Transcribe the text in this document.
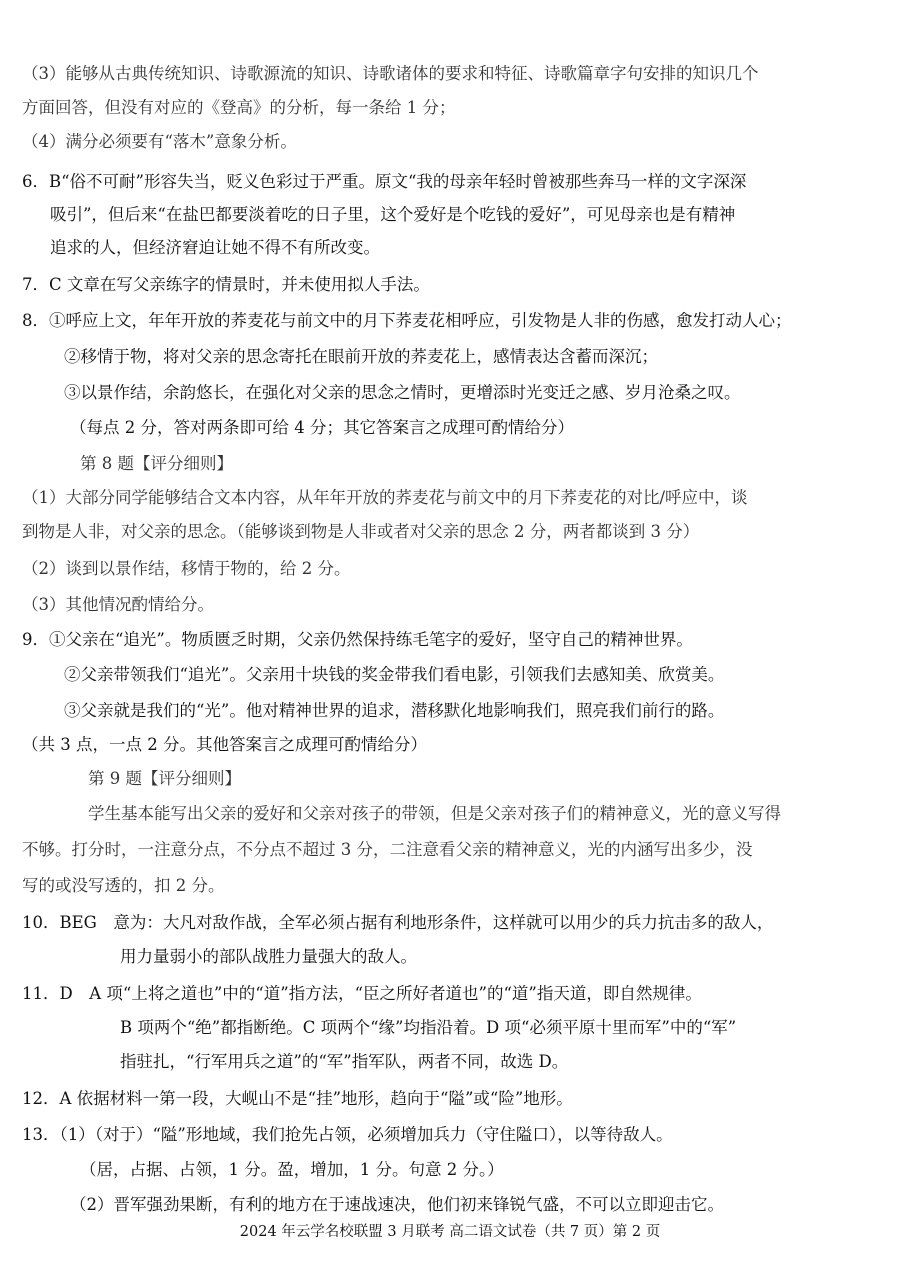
（3）能够从古典传统知识、诗歌源流的知识、诗歌诸体的要求和特征、诗歌篇章字句安排的知识几个
方面回答，但没有对应的《登高》的分析，每一条给 1 分；
（4）满分必须要有“落木”意象分析。
6．B“俗不可耐”形容失当，贬义色彩过于严重。原文“我的母亲年轻时曾被那些奔马一样的文字深深
吸引”，但后来“在盐巴都要淡着吃的日子里，这个爱好是个吃钱的爱好”，可见母亲也是有精神
追求的人，但经济窘迫让她不得不有所改变。
7．C 文章在写父亲练字的情景时，并未使用拟人手法。
8．①呼应上文，年年开放的荞麦花与前文中的月下荞麦花相呼应，引发物是人非的伤感，愈发打动人心；
②移情于物，将对父亲的思念寄托在眼前开放的荞麦花上，感情表达含蓄而深沉；
③以景作结，余韵悠长，在强化对父亲的思念之情时，更增添时光变迁之感、岁月沧桑之叹。
（每点 2 分，答对两条即可给 4 分；其它答案言之成理可酌情给分）
第 8 题【评分细则】
（1）大部分同学能够结合文本内容，从年年开放的荞麦花与前文中的月下荞麦花的对比/呼应中，谈
到物是人非，对父亲的思念。（能够谈到物是人非或者对父亲的思念 2 分，两者都谈到 3 分）
（2）谈到以景作结，移情于物的，给 2 分。
（3）其他情况酌情给分。
9．①父亲在“追光”。物质匮乏时期，父亲仍然保持练毛笔字的爱好，坚守自己的精神世界。
②父亲带领我们“追光”。父亲用十块钱的奖金带我们看电影，引领我们去感知美、欣赏美。
③父亲就是我们的“光”。他对精神世界的追求，潜移默化地影响我们，照亮我们前行的路。
（共 3 点，一点 2 分。其他答案言之成理可酌情给分）
第 9 题【评分细则】
学生基本能写出父亲的爱好和父亲对孩子的带领，但是父亲对孩子们的精神意义，光的意义写得
不够。打分时，一注意分点，不分点不超过 3 分，二注意看父亲的精神意义，光的内涵写出多少，没
写的或没写透的，扣 2 分。
10．BEG　意为：大凡对敌作战，全军必须占据有利地形条件，这样就可以用少的兵力抗击多的敌人，
用力量弱小的部队战胜力量强大的敌人。
11．D　A 项“上将之道也”中的“道”指方法，“臣之所好者道也”的“道”指天道，即自然规律。
B 项两个“绝”都指断绝。C 项两个“缘”均指沿着。D 项“必须平原十里而军”中的“军”
指驻扎，“行军用兵之道”的“军”指军队，两者不同，故选 D。
12．A 依据材料一第一段，大岘山不是“挂”地形，趋向于“隘”或“险”地形。
13．（1）（对于）“隘”形地域，我们抢先占领，必须增加兵力（守住隘口），以等待敌人。
（居，占据、占领，1 分。盈，增加，1 分。句意 2 分。）
（2）晋军强劲果断，有利的地方在于速战速决，他们初来锋锐气盛，不可以立即迎击它。
2024 年云学名校联盟 3 月联考 高二语文试卷（共 7 页）第 2 页
